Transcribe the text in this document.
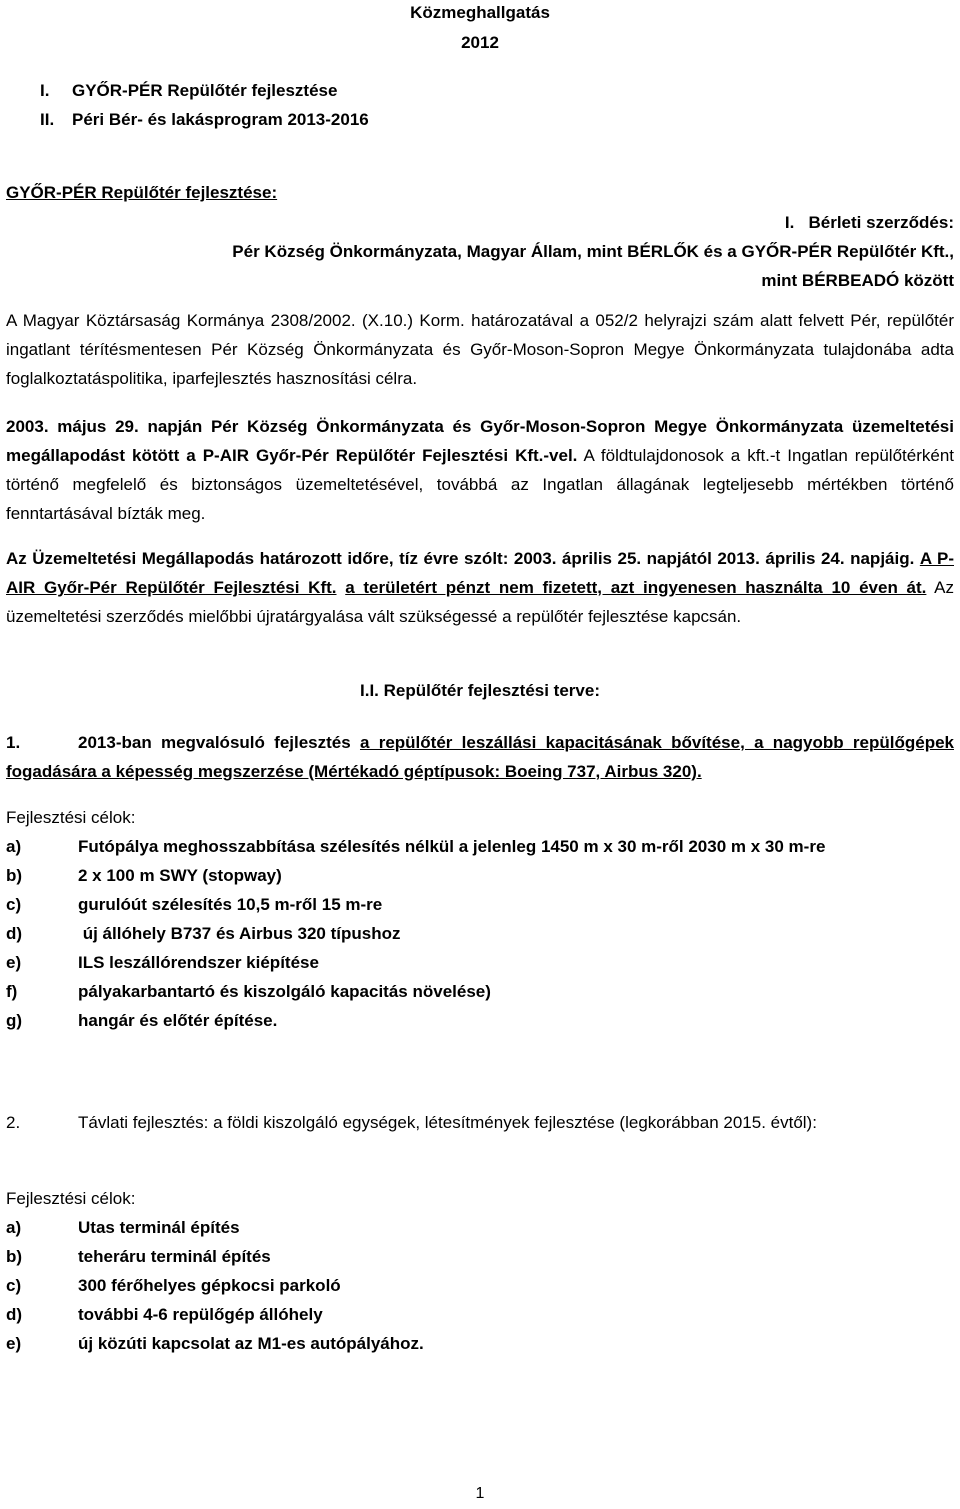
Közmeghallgatás
2012
I.	GYŐR-PÉR Repülőtér fejlesztése
II.	Péri Bér- és lakásprogram 2013-2016
GYŐR-PÉR Repülőtér fejlesztése:
I.   Bérleti szerződés:
Pér Község Önkormányzata, Magyar Állam, mint BÉRLŐK és a GYŐR-PÉR Repülőtér Kft.,
mint BÉRBEADÓ között
A Magyar Köztársaság Kormánya 2308/2002. (X.10.) Korm. határozatával a 052/2 helyrajzi szám alatt felvett Pér, repülőtér ingatlant térítésmentesen Pér Község Önkormányzata és Győr-Moson-Sopron Megye Önkormányzata tulajdonába adta foglalkoztatáspolitika, iparfejlesztés hasznosítási célra.
2003. május 29. napján Pér Község Önkormányzata és Győr-Moson-Sopron Megye Önkormányzata üzemeltetési megállapodást kötött a P-AIR Győr-Pér Repülőtér Fejlesztési Kft.-vel. A földtulajdonosok a kft.-t Ingatlan repülőtérként történő megfelelő és biztonságos üzemeltetésével, továbbá az Ingatlan állagának legteljesebb mértékben történő fenntartásával bízták meg.
Az Üzemeltetési Megállapodás határozott időre, tíz évre szólt: 2003. április 25. napjától 2013. április 24. napjáig. A P-AIR Győr-Pér Repülőtér Fejlesztési Kft. a területért pénzt nem fizetett, azt ingyenesen használta 10 éven át. Az üzemeltetési szerződés mielőbbi újratárgyalása vált szükségessé a repülőtér fejlesztése kapcsán.
I.I. Repülőtér fejlesztési terve:
1.	2013-ban megvalósuló fejlesztés a repülőtér leszállási kapacitásának bővítése, a nagyobb repülőgépek fogadására a képesség megszerzése (Mértékadó géptípusok: Boeing 737, Airbus 320).
Fejlesztési célok:
a)	Futópálya meghosszabbítása szélesítés nélkül a jelenleg 1450 m x 30 m-ről 2030 m x 30 m-re
b)	2 x 100 m SWY (stopway)
c)	gurulóút szélesítés 10,5 m-ről 15 m-re
d)	új állóhely B737 és Airbus 320 típushoz
e)	ILS leszállórendszer kiépítése
f)	pályakarbantartó és kiszolgáló kapacitás növelése)
g)	hangár és előtér építése.
2.	Távlati fejlesztés: a földi kiszolgáló egységek, létesítmények fejlesztése (legkorábban 2015. évtől):
Fejlesztési célok:
a)	Utas terminál építés
b)	teheráru terminál építés
c)	300 férőhelyes gépkocsi parkoló
d)	további 4-6 repülőgép állóhely
e)	új közúti kapcsolat az M1-es autópályához.
1
